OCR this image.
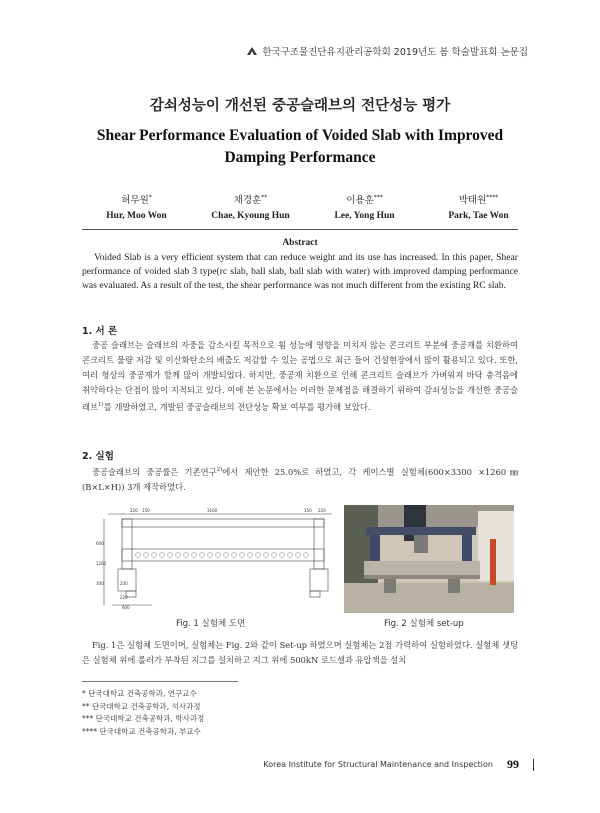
한국구조물진단유지관리공학회 2019년도 봄 학술발표회 논문집
감쇠성능이 개선된 중공슬래브의 전단성능 평가
Shear Performance Evaluation of Voided Slab with Improved Damping Performance
허무원*
Hur, Moo Won
채경훈**
Chae, Kyoung Hun
이용훈***
Lee, Yong Hun
박태원****
Park, Tae Won
Abstract
Voided Slab is a very efficient system that can reduce weight and its use has increased. In this paper, Shear performance of voided slab 3 type(rc slab, ball slab, ball slab with water) with improved damping performance was evaluated. As a result of the test, the shear performance was not much different from the existing RC slab.
1. 서 론
중공 슬래브는 슬래브의 자중을 감소시킬 목적으로 휨 성능에 영향을 미치지 않는 콘크리트 부분에 중공재를 치환하여 콘크리트 물량 저감 및 이산화탄소의 배출도 저감할 수 있는 공법으로 최근 들어 건설현장에서 많이 활용되고 있다. 또한, 여러 형상의 중공재가 함께 많이 개발되었다. 하지만, 중공재 치환으로 인해 콘크리트 슬래브가 가벼워져 바닥 충격음에 취약하다는 단점이 많이 지적되고 있다. 이에 본 논문에서는 이러한 문제점을 해결하기 위하여 감쇠성능을 개선한 중공슬래브$^{1)}$를 개발하였고, 개발된 중공슬래브의 전단성능 확보 여부를 평가해 보았다.
2. 실험
중공슬래브의 중공률은 기존연구$^{2)}$에서 제안한 25.0%로 하였고, 각 케이스별 실험체(600×3300 ×1260㎜(B×L×H)) 3개 제작하였다.
220 150	3160	150 220
600
1260
300	230
220
600
Fig. 1 실험체 도면	Fig. 2 실험체 set-up
Fig. 1은 실험체 도면이며, 실험체는 Fig. 2와 같이 Set-up 하였으며 실험체는 2점 가력하여 실험하였다. 실험체 셋팅은 실험체 위에 롤러가 부착된 지그를 설치하고 지그 위에 500kN 로드셀과 유압잭을 설치
* 단국대학교 건축공학과, 연구교수
** 단국대학교 건축공학과, 석사과정
*** 단국대학교 건축공학과, 박사과정
**** 단국대학교 건축공학과, 부교수
Korea Institute for Structural Maintenance and Inspection 99
